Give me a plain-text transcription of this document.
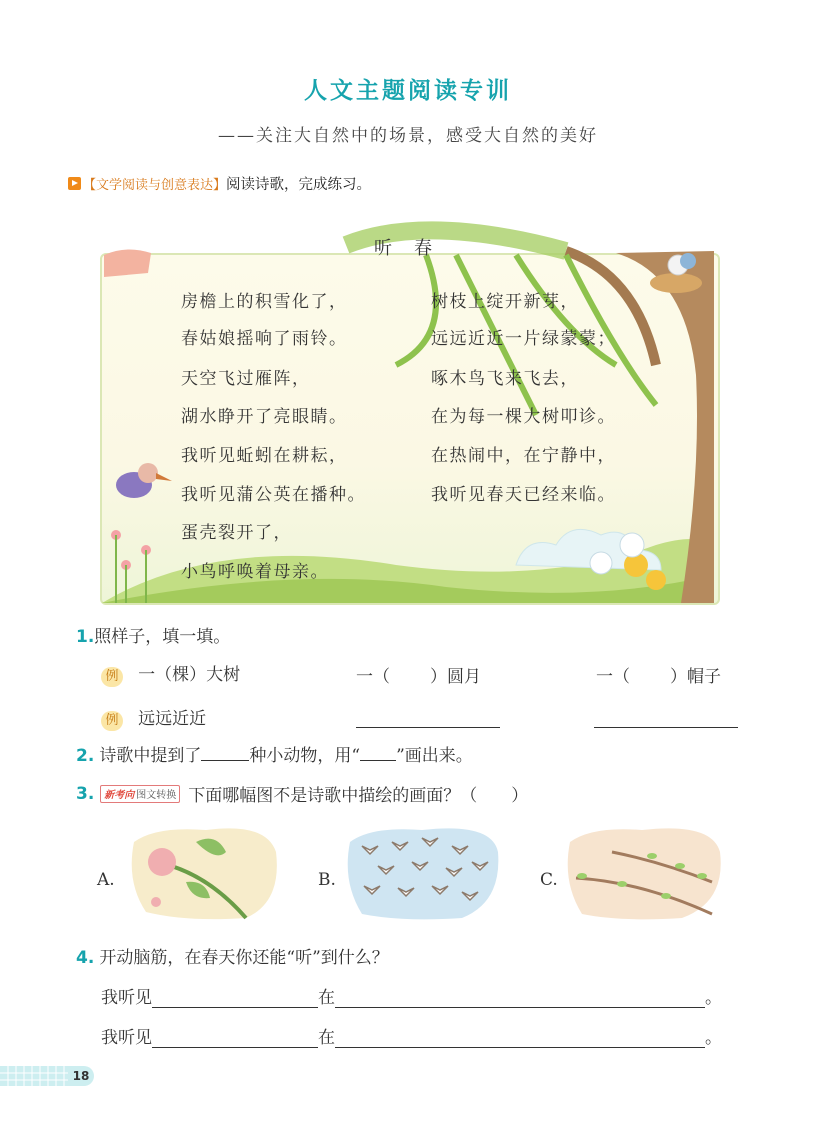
人文主题阅读专训
——关注大自然中的场景，感受大自然的美好
【文学阅读与创意表达】 阅读诗歌，完成练习。
听春
房檐上的积雪化了，
春姑娘摇响了雨铃。
天空飞过雁阵，
湖水睁开了亮眼睛。
我听见蚯蚓在耕耘，
我听见蒲公英在播种。
蛋壳裂开了，
小鸟呼唤着母亲。
树枝上绽开新芽，
远远近近一片绿蒙蒙；
啄木鸟飞来飞去，
在为每一棵大树叩诊。
在热闹中，在宁静中，
我听见春天已经来临。
1.照样子，填一填。
例 一（棵）大树	一（ ）圆月	一（ ）帽子
例 远远近近
2. 诗歌中提到了	种小动物，用“ ”画出来。
3. 新考向 图文转换 下面哪幅图不是诗歌中描绘的画面？（　　）
A.	B.	C.
4. 开动脑筋，在春天你还能“听”到什么？
我听见	在	。
我听见	在	。
18
